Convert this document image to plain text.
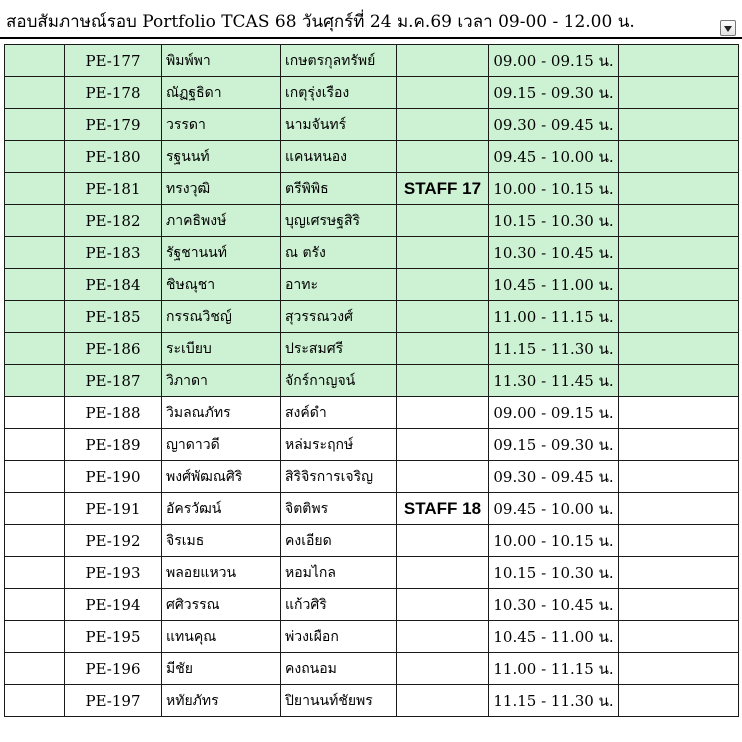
สอบสัมภาษณ์รอบ Portfolio TCAS 68 วันศุกร์ที่ 24 ม.ค.69 เวลา 09-00 - 12.00 น.
	PE-177	พิมพ์พา	เกษตรกุลทรัพย์		09.00 - 09.15 น.	
	PE-178	ณัฏฐธิดา	เกตุรุ่งเรือง		09.15 - 09.30 น.	
	PE-179	วรรดา	นามจันทร์		09.30 - 09.45 น.	
	PE-180	รฐนนท์	แคนหนอง		09.45 - 10.00 น.	
	PE-181	ทรงวุฒิ	ตรีพิพิธ	STAFF 17	10.00 - 10.15 น.	
	PE-182	ภาคธิพงษ์	บุญเศรษฐสิริ		10.15 - 10.30 น.	
	PE-183	รัฐชานนท์	ณ ตรัง		10.30 - 10.45 น.	
	PE-184	ชิษณุชา	อาทะ		10.45 - 11.00 น.	
	PE-185	กรรณวิชญ์	สุวรรณวงศ์		11.00 - 11.15 น.	
	PE-186	ระเบียบ	ประสมศรี		11.15 - 11.30 น.	
	PE-187	วิภาดา	จักร์กาญจน์		11.30 - 11.45 น.	
	PE-188	วิมลณภัทร	สงค์ดำ		09.00 - 09.15 น.	
	PE-189	ญาดาวดี	หล่มระฤกษ์		09.15 - 09.30 น.	
	PE-190	พงศ์พัฒณศิริ	สิริจิรการเจริญ		09.30 - 09.45 น.	
	PE-191	อัครวัฒน์	จิตติพร	STAFF 18	09.45 - 10.00 น.	
	PE-192	จิรเมธ	คงเอียด		10.00 - 10.15 น.	
	PE-193	พลอยแหวน	หอมไกล		10.15 - 10.30 น.	
	PE-194	ศศิวรรณ	แก้วศิริ		10.30 - 10.45 น.	
	PE-195	แทนคุณ	พ่วงเผือก		10.45 - 11.00 น.	
	PE-196	มีชัย	คงถนอม		11.00 - 11.15 น.	
	PE-197	หทัยภัทร	ปิยานนท์ชัยพร		11.15 - 11.30 น.	
